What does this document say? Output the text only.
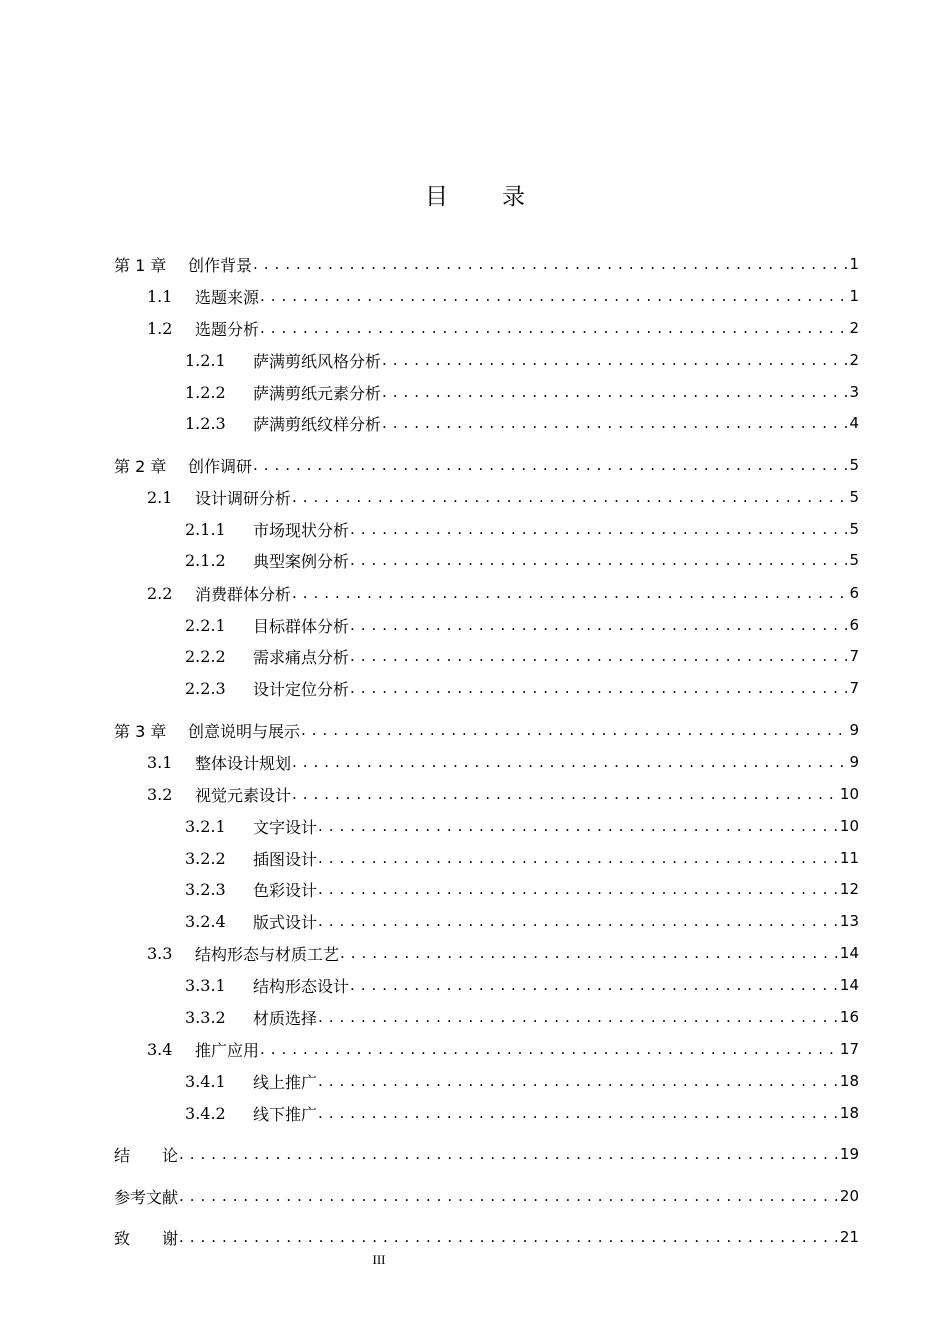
目 录
第 1 章	创作背景 . . .	1
1.1	选题来源 . . .	1
1.2	选题分析 . . .	2
1.2.1	萨满剪纸风格分析 . . .	2
1.2.2	萨满剪纸元素分析 . . .	3
1.2.3	萨满剪纸纹样分析 . . .	4
第 2 章	创作调研 . . .	5
2.1	设计调研分析 . . .	5
2.1.1	市场现状分析 . . .	5
2.1.2	典型案例分析 . . .	5
2.2	消费群体分析 . . .	6
2.2.1	目标群体分析 . . .	6
2.2.2	需求痛点分析 . . .	7
2.2.3	设计定位分析 . . .	7
第 3 章	创意说明与展示 . . .	9
3.1	整体设计规划 . . .	9
3.2	视觉元素设计 . . .	10
3.2.1	文字设计 . . .	10
3.2.2	插图设计 . . .	11
3.2.3	色彩设计 . . .	12
3.2.4	版式设计 . . .	13
3.3	结构形态与材质工艺 . . .	14
3.3.1	结构形态设计 . . .	14
3.3.2	材质选择 . . .	16
3.4	推广应用 . . .	17
3.4.1	线上推广 . . .	18
3.4.2	线下推广 . . .	18
结　　论 . . .	19
参考文献 . . .	20
致　　谢 . . .	21
III
